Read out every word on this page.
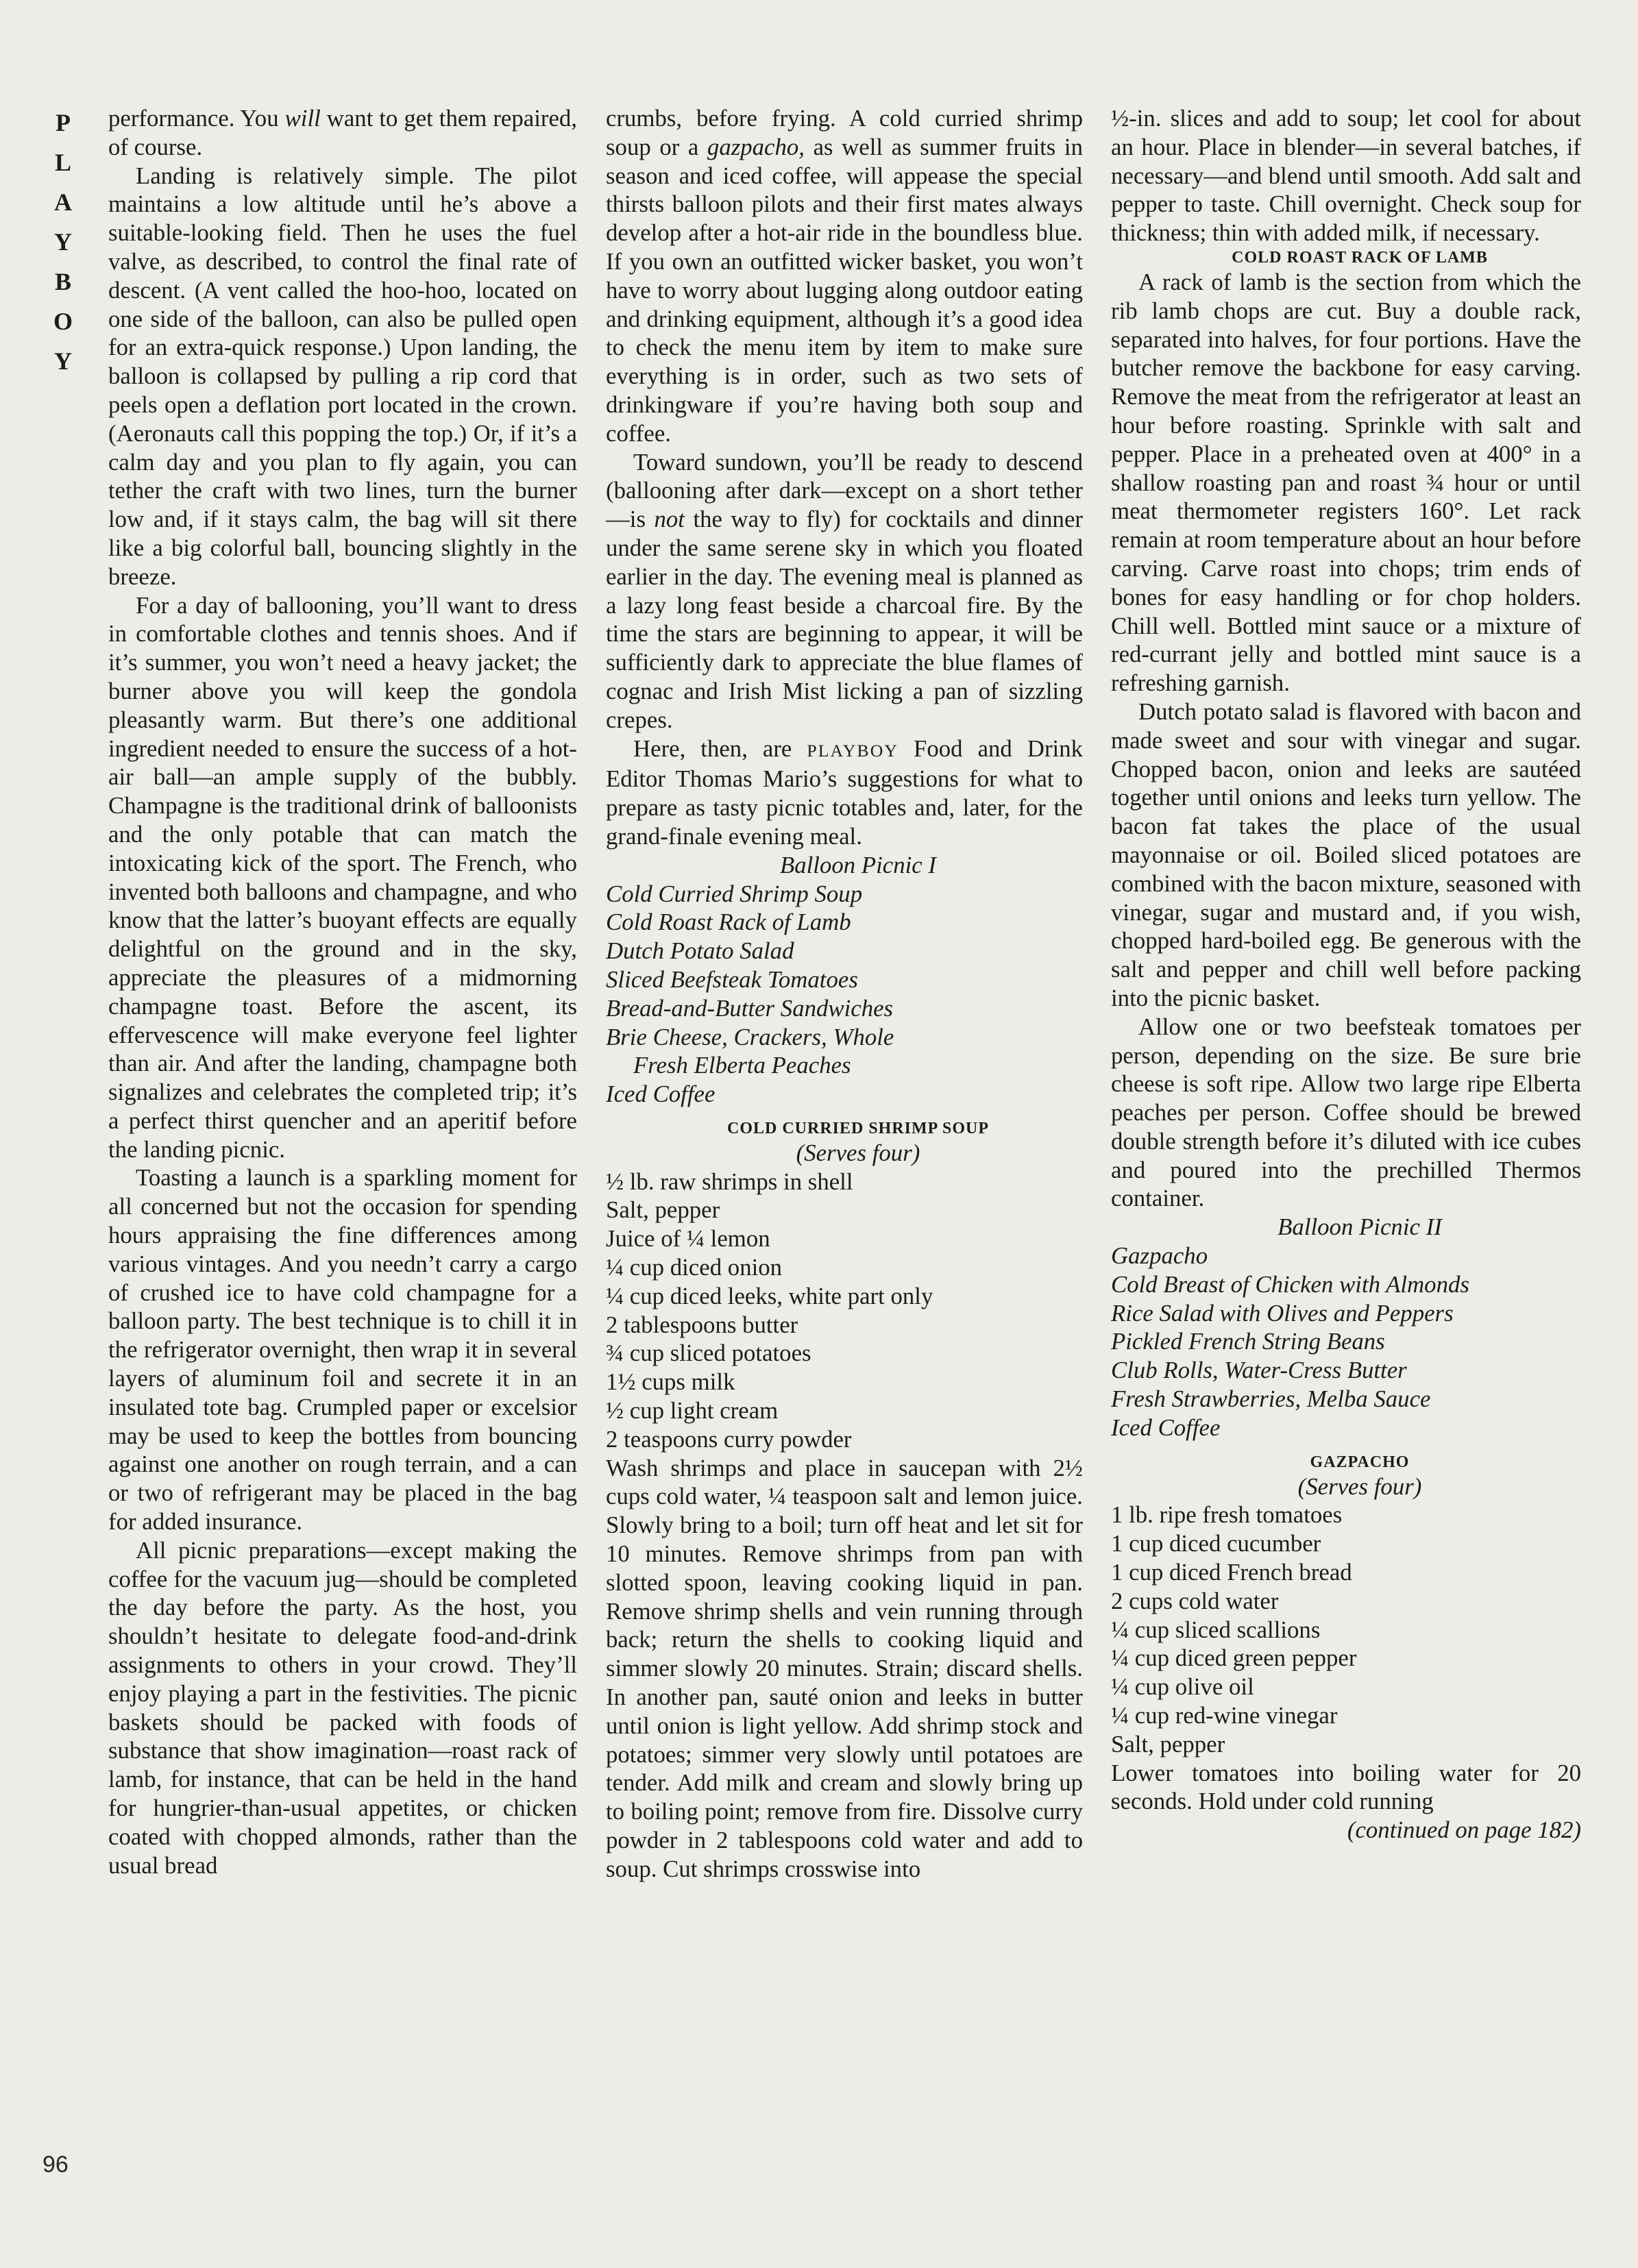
P
L
A
Y
B
O
Y
96

performance. You will want to get them repaired, of course.

Landing is relatively simple. The pilot maintains a low altitude until he’s above a suitable-looking field. Then he uses the fuel valve, as described, to control the final rate of descent. (A vent called the hoo-hoo, located on one side of the balloon, can also be pulled open for an extra-quick response.) Upon landing, the balloon is collapsed by pulling a rip cord that peels open a deflation port located in the crown. (Aeronauts call this popping the top.) Or, if it’s a calm day and you plan to fly again, you can tether the craft with two lines, turn the burner low and, if it stays calm, the bag will sit there like a big colorful ball, bouncing slightly in the breeze.

For a day of ballooning, you’ll want to dress in comfortable clothes and tennis shoes. And if it’s summer, you won’t need a heavy jacket; the burner above you will keep the gondola pleasantly warm. But there’s one additional ingredient needed to ensure the success of a hot-air ball—an ample supply of the bubbly. Champagne is the traditional drink of balloonists and the only potable that can match the intoxicating kick of the sport. The French, who invented both balloons and champagne, and who know that the latter’s buoyant effects are equally delightful on the ground and in the sky, appreciate the pleasures of a midmorning champagne toast. Before the ascent, its effervescence will make everyone feel lighter than air. And after the landing, champagne both signalizes and celebrates the completed trip; it’s a perfect thirst quencher and an aperitif before the landing picnic.

Toasting a launch is a sparkling moment for all concerned but not the occasion for spending hours appraising the fine differences among various vintages. And you needn’t carry a cargo of crushed ice to have cold champagne for a balloon party. The best technique is to chill it in the refrigerator overnight, then wrap it in several layers of aluminum foil and secrete it in an insulated tote bag. Crumpled paper or excelsior may be used to keep the bottles from bouncing against one another on rough terrain, and a can or two of refrigerant may be placed in the bag for added insurance.

All picnic preparations—except making the coffee for the vacuum jug—should be completed the day before the party. As the host, you shouldn’t hesitate to delegate food-and-drink assignments to others in your crowd. They’ll enjoy playing a part in the festivities. The picnic baskets should be packed with foods of substance that show imagination—roast rack of lamb, for instance, that can be held in the hand for hungrier-than-usual appetites, or chicken coated with chopped almonds, rather than the usual bread

crumbs, before frying. A cold curried shrimp soup or a gazpacho, as well as summer fruits in season and iced coffee, will appease the special thirsts balloon pilots and their first mates always develop after a hot-air ride in the boundless blue. If you own an outfitted wicker basket, you won’t have to worry about lugging along outdoor eating and drinking equipment, although it’s a good idea to check the menu item by item to make sure everything is in order, such as two sets of drinkingware if you’re having both soup and coffee.

Toward sundown, you’ll be ready to descend (ballooning after dark—except on a short tether—is not the way to fly) for cocktails and dinner under the same serene sky in which you floated earlier in the day. The evening meal is planned as a lazy long feast beside a charcoal fire. By the time the stars are beginning to appear, it will be sufficiently dark to appreciate the blue flames of cognac and Irish Mist licking a pan of sizzling crepes.

Here, then, are PLAYBOY Food and Drink Editor Thomas Mario’s suggestions for what to prepare as tasty picnic totables and, later, for the grand-finale evening meal.

Balloon Picnic I

Cold Curried Shrimp Soup
Cold Roast Rack of Lamb
Dutch Potato Salad
Sliced Beefsteak Tomatoes
Bread-and-Butter Sandwiches
Brie Cheese, Crackers, Whole
Fresh Elberta Peaches
Iced Coffee

COLD CURRIED SHRIMP SOUP

(Serves four)

½ lb. raw shrimps in shell
Salt, pepper
Juice of ¼ lemon
¼ cup diced onion
¼ cup diced leeks, white part only
2 tablespoons butter
¾ cup sliced potatoes
1½ cups milk
½ cup light cream
2 teaspoons curry powder

Wash shrimps and place in saucepan with 2½ cups cold water, ¼ teaspoon salt and lemon juice. Slowly bring to a boil; turn off heat and let sit for 10 minutes. Remove shrimps from pan with slotted spoon, leaving cooking liquid in pan. Remove shrimp shells and vein running through back; return the shells to cooking liquid and simmer slowly 20 minutes. Strain; discard shells. In another pan, sauté onion and leeks in butter until onion is light yellow. Add shrimp stock and potatoes; simmer very slowly until potatoes are tender. Add milk and cream and slowly bring up to boiling point; remove from fire. Dissolve curry powder in 2 tablespoons cold water and add to soup. Cut shrimps crosswise into

½-in. slices and add to soup; let cool for about an hour. Place in blender—in several batches, if necessary—and blend until smooth. Add salt and pepper to taste. Chill overnight. Check soup for thickness; thin with added milk, if necessary.

COLD ROAST RACK OF LAMB

A rack of lamb is the section from which the rib lamb chops are cut. Buy a double rack, separated into halves, for four portions. Have the butcher remove the backbone for easy carving. Remove the meat from the refrigerator at least an hour before roasting. Sprinkle with salt and pepper. Place in a preheated oven at 400° in a shallow roasting pan and roast ¾ hour or until meat thermometer registers 160°. Let rack remain at room temperature about an hour before carving. Carve roast into chops; trim ends of bones for easy handling or for chop holders. Chill well. Bottled mint sauce or a mixture of red-currant jelly and bottled mint sauce is a refreshing garnish.

Dutch potato salad is flavored with bacon and made sweet and sour with vinegar and sugar. Chopped bacon, onion and leeks are sautéed together until onions and leeks turn yellow. The bacon fat takes the place of the usual mayonnaise or oil. Boiled sliced potatoes are combined with the bacon mixture, seasoned with vinegar, sugar and mustard and, if you wish, chopped hard-boiled egg. Be generous with the salt and pepper and chill well before packing into the picnic basket.

Allow one or two beefsteak tomatoes per person, depending on the size. Be sure brie cheese is soft ripe. Allow two large ripe Elberta peaches per person. Coffee should be brewed double strength before it’s diluted with ice cubes and poured into the prechilled Thermos container.

Balloon Picnic II

Gazpacho
Cold Breast of Chicken with Almonds
Rice Salad with Olives and Peppers
Pickled French String Beans
Club Rolls, Water-Cress Butter
Fresh Strawberries, Melba Sauce
Iced Coffee

GAZPACHO

(Serves four)

1 lb. ripe fresh tomatoes
1 cup diced cucumber
1 cup diced French bread
2 cups cold water
¼ cup sliced scallions
¼ cup diced green pepper
¼ cup olive oil
¼ cup red-wine vinegar
Salt, pepper

Lower tomatoes into boiling water for 20 seconds. Hold under cold running

(continued on page 182)
